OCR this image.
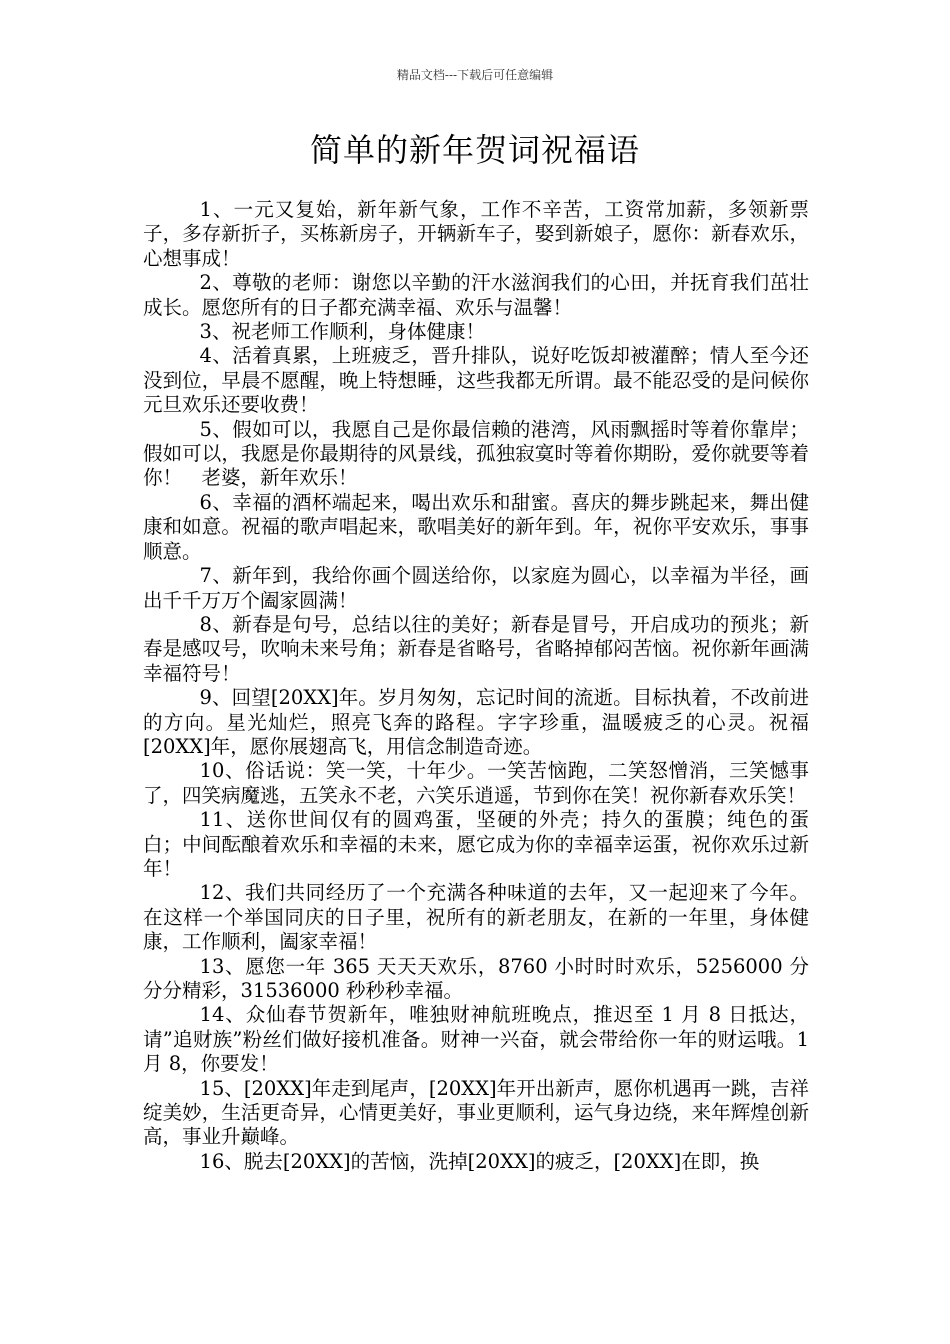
精品文档---下载后可任意编辑
简单的新年贺词祝福语

1、一元又复始，新年新气象，工作不辛苦，工资常加薪，多领新票子，多存新折子，买栋新房子，开辆新车子，娶到新娘子，愿你：新春欢乐，心想事成！

2、尊敬的老师：谢您以辛勤的汗水滋润我们的心田，并抚育我们茁壮成长。愿您所有的日子都充满幸福、欢乐与温馨！

3、祝老师工作顺利，身体健康！

4、活着真累，上班疲乏，晋升排队，说好吃饭却被灌醉；情人至今还没到位，早晨不愿醒，晚上特想睡，这些我都无所谓。最不能忍受的是问候你元旦欢乐还要收费！

5、假如可以，我愿自己是你最信赖的港湾，风雨飘摇时等着你靠岸；假如可以，我愿是你最期待的风景线，孤独寂寞时等着你期盼，爱你就要等着你！　老婆，新年欢乐！

6、幸福的酒杯端起来，喝出欢乐和甜蜜。喜庆的舞步跳起来，舞出健康和如意。祝福的歌声唱起来，歌唱美好的新年到。年，祝你平安欢乐，事事顺意。

7、新年到，我给你画个圆送给你，以家庭为圆心，以幸福为半径，画出千千万万个阖家圆满！

8、新春是句号，总结以往的美好；新春是冒号，开启成功的预兆；新春是感叹号，吹响未来号角；新春是省略号，省略掉郁闷苦恼。祝你新年画满幸福符号！

9、回望[20XX]年。岁月匆匆，忘记时间的流逝。目标执着，不改前进的方向。星光灿烂，照亮飞奔的路程。字字珍重，温暖疲乏的心灵。祝福[20XX]年，愿你展翅高飞，用信念制造奇迹。

10、俗话说：笑一笑，十年少。一笑苦恼跑，二笑怒憎消，三笑憾事了，四笑病魔逃，五笑永不老，六笑乐逍遥，节到你在笑！祝你新春欢乐笑！

11、送你世间仅有的圆鸡蛋，坚硬的外壳；持久的蛋膜；纯色的蛋白；中间酝酿着欢乐和幸福的未来，愿它成为你的幸福幸运蛋，祝你欢乐过新年！

12、我们共同经历了一个充满各种味道的去年，又一起迎来了今年。在这样一个举国同庆的日子里，祝所有的新老朋友，在新的一年里，身体健康，工作顺利，阖家幸福！

13、愿您一年 365 天天天欢乐，8760 小时时时欢乐，5256000 分分分精彩，31536000 秒秒秒幸福。

14、众仙春节贺新年，唯独财神航班晚点，推迟至 1 月 8 日抵达，请”追财族”粉丝们做好接机准备。财神一兴奋，就会带给你一年的财运哦。1 月 8，你要发！

15、[20XX]年走到尾声，[20XX]年开出新声，愿你机遇再一跳，吉祥绽美妙，生活更奇异，心情更美好，事业更顺利，运气身边绕，来年辉煌创新高，事业升巅峰。

16、脱去[20XX]的苦恼，洗掉[20XX]的疲乏，[20XX]在即，换
